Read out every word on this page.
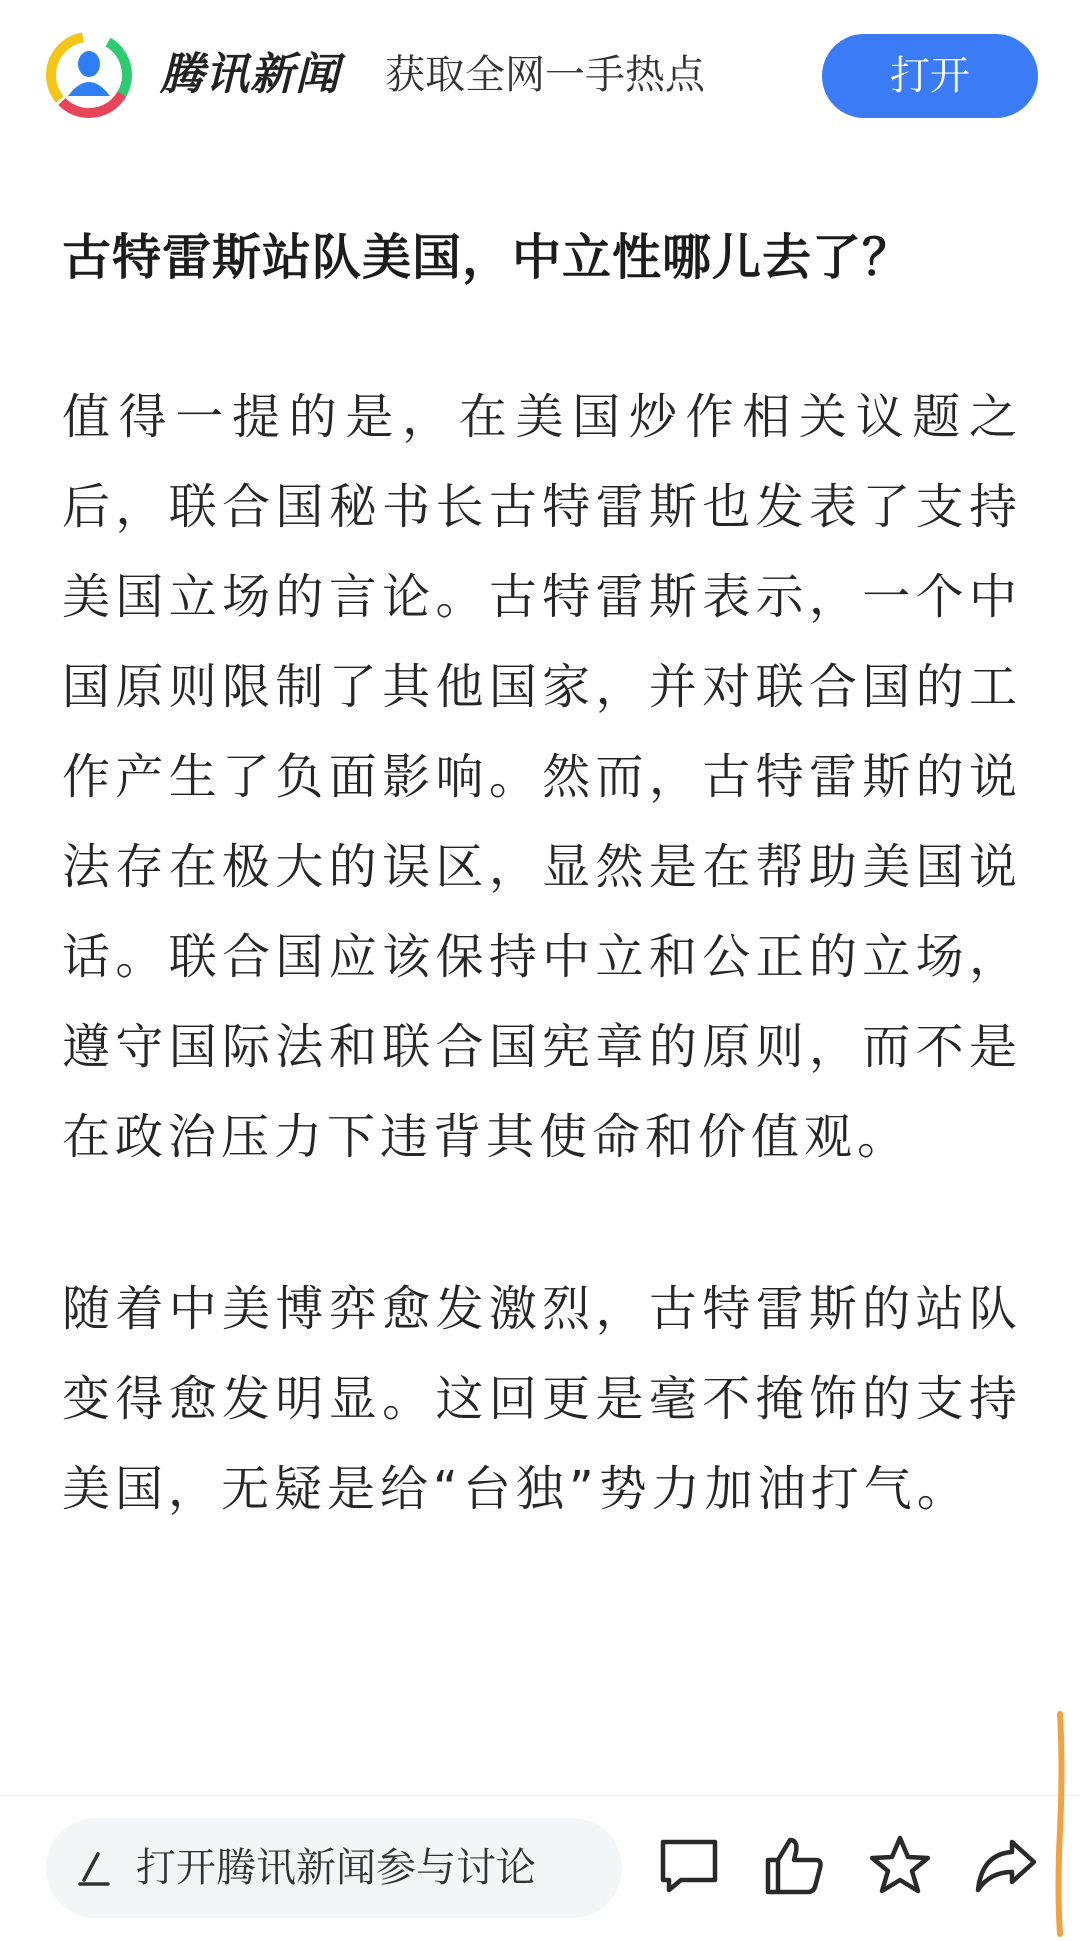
腾讯新闻 获取全网一手热点	打开
古特雷斯站队美国，中立性哪儿去了？

值得一提的是，在美国炒作相关议题之后，联合国秘书长古特雷斯也发表了支持美国立场的言论。古特雷斯表示，一个中国原则限制了其他国家，并对联合国的工作产生了负面影响。然而，古特雷斯的说法存在极大的误区，显然是在帮助美国说话。联合国应该保持中立和公正的立场，遵守国际法和联合国宪章的原则，而不是在政治压力下违背其使命和价值观。

随着中美博弈愈发激烈，古特雷斯的站队变得愈发明显。这回更是毫不掩饰的支持美国，无疑是给“台独”势力加油打气。

打开腾讯新闻参与讨论
